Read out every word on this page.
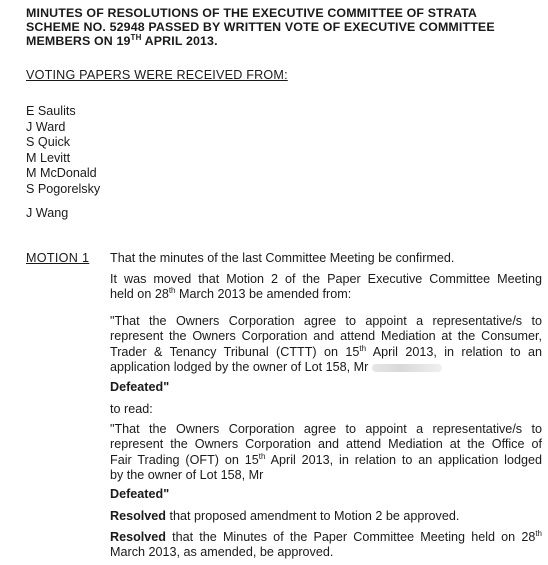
MINUTES OF RESOLUTIONS OF THE EXECUTIVE COMMITTEE OF STRATA
SCHEME NO. 52948 PASSED BY WRITTEN VOTE OF EXECUTIVE COMMITTEE
MEMBERS ON 19TH APRIL 2013.
VOTING PAPERS WERE RECEIVED FROM:
E Saulits
J Ward
S Quick
M Levitt
M McDonald
S Pogorelsky
J Wang
MOTION 1 That the minutes of the last Committee Meeting be confirmed.
It was moved that Motion 2 of the Paper Executive Committee Meeting
held on 28th March 2013 be amended from:
"That the Owners Corporation agree to appoint a representative/s to
represent the Owners Corporation and attend Mediation at the Consumer,
Trader & Tenancy Tribunal (CTTT) on 15th April 2013, in relation to an
application lodged by the owner of Lot 158, Mr
Defeated"
to read:
"That the Owners Corporation agree to appoint a representative/s to
represent the Owners Corporation and attend Mediation at the Office of
Fair Trading (OFT) on 15th April 2013, in relation to an application lodged
by the owner of Lot 158, Mr
Defeated"
Resolved that proposed amendment to Motion 2 be approved.
Resolved that the Minutes of the Paper Committee Meeting held on 28th
March 2013, as amended, be approved.
